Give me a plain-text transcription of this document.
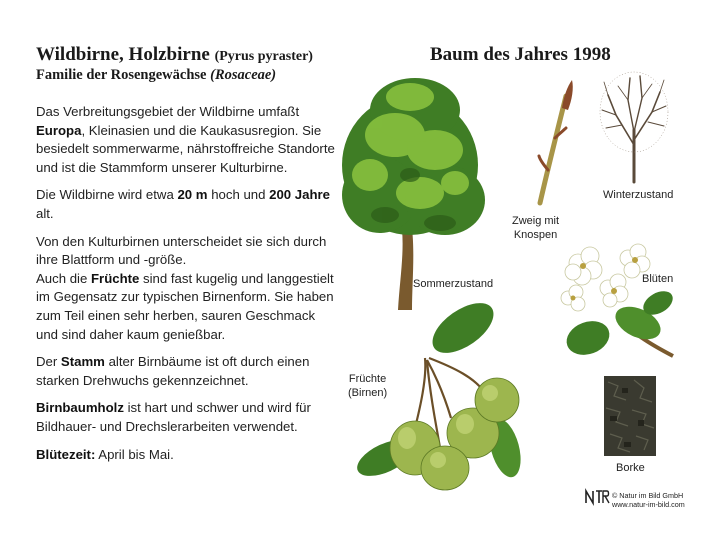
Wildbirne, Holzbirne (Pyrus pyraster)
Familie der Rosengewächse (Rosaceae)
Baum des Jahres 1998

Das Verbreitungsgebiet der Wildbirne umfaßt Europa, Kleinasien und die Kaukasusregion. Sie besiedelt sommerwarme, nährstoffreiche Standorte und ist die Stammform unserer Kulturbirne.

Die Wildbirne wird etwa 20 m hoch und 200 Jahre alt.

Von den Kulturbirnen unterscheidet sie sich durch ihre Blattform und -größe.
Auch die Früchte sind fast kugelig und langgestielt im Gegensatz zur typischen Birnenform. Sie haben zum Teil einen sehr herben, sauren Geschmack und sind daher kaum genießbar.

Der Stamm alter Birnbäume ist oft durch einen starken Drehwuchs gekennzeichnet.

Birnbaumholz ist hart und schwer und wird für Bildhauer- und Drechslerarbeiten verwendet.

Blütezeit: April bis Mai.

Sommerzustand
Zweig mit
Knospen
Winterzustand
Blüten
Früchte
(Birnen)
Borke
© Natur im Bild GmbH
www.natur-im-bild.com
